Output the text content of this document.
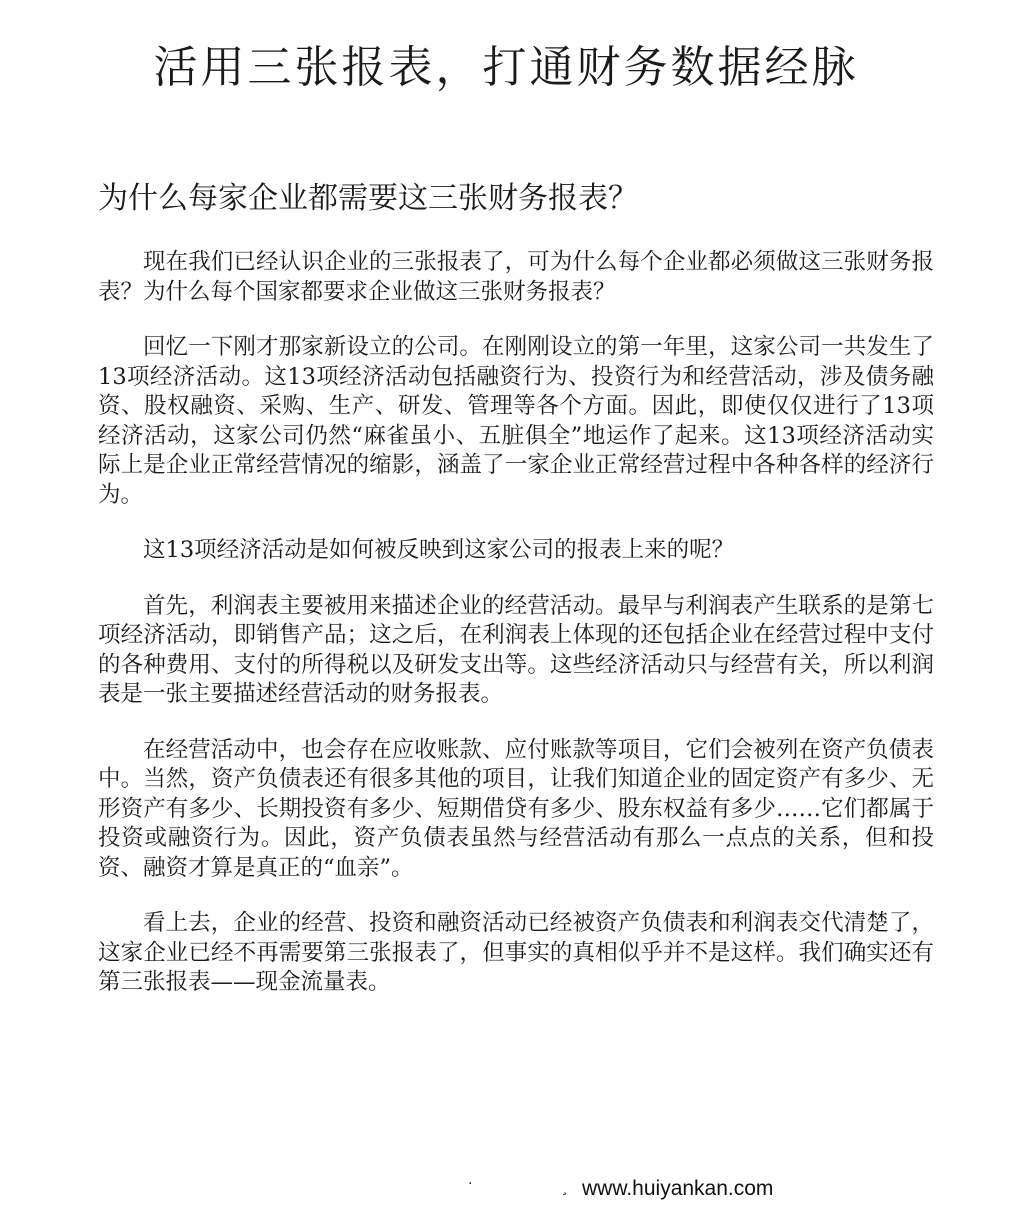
活用三张报表，打通财务数据经脉
为什么每家企业都需要这三张财务报表？

现在我们已经认识企业的三张报表了，可为什么每个企业都必须做这三张财务报表？为什么每个国家都要求企业做这三张财务报表？

回忆一下刚才那家新设立的公司。在刚刚设立的第一年里，这家公司一共发生了13项经济活动。这13项经济活动包括融资行为、投资行为和经营活动，涉及债务融资、股权融资、采购、生产、研发、管理等各个方面。因此，即使仅仅进行了13项经济活动，这家公司仍然“麻雀虽小、五脏俱全”地运作了起来。这13项经济活动实际上是企业正常经营情况的缩影，涵盖了一家企业正常经营过程中各种各样的经济行为。

这13项经济活动是如何被反映到这家公司的报表上来的呢？

首先，利润表主要被用来描述企业的经营活动。最早与利润表产生联系的是第七项经济活动，即销售产品；这之后，在利润表上体现的还包括企业在经营过程中支付的各种费用、支付的所得税以及研发支出等。这些经济活动只与经营有关，所以利润表是一张主要描述经营活动的财务报表。

在经营活动中，也会存在应收账款、应付账款等项目，它们会被列在资产负债表中。当然，资产负债表还有很多其他的项目，让我们知道企业的固定资产有多少、无形资产有多少、长期投资有多少、短期借贷有多少、股东权益有多少……它们都属于投资或融资行为。因此，资产负债表虽然与经营活动有那么一点点的关系，但和投资、融资才算是真正的“血亲”。

看上去，企业的经营、投资和融资活动已经被资产负债表和利润表交代清楚了，这家企业已经不再需要第三张报表了，但事实的真相似乎并不是这样。我们确实还有第三张报表——现金流量表。

·	¸ www.huiyankan.com
